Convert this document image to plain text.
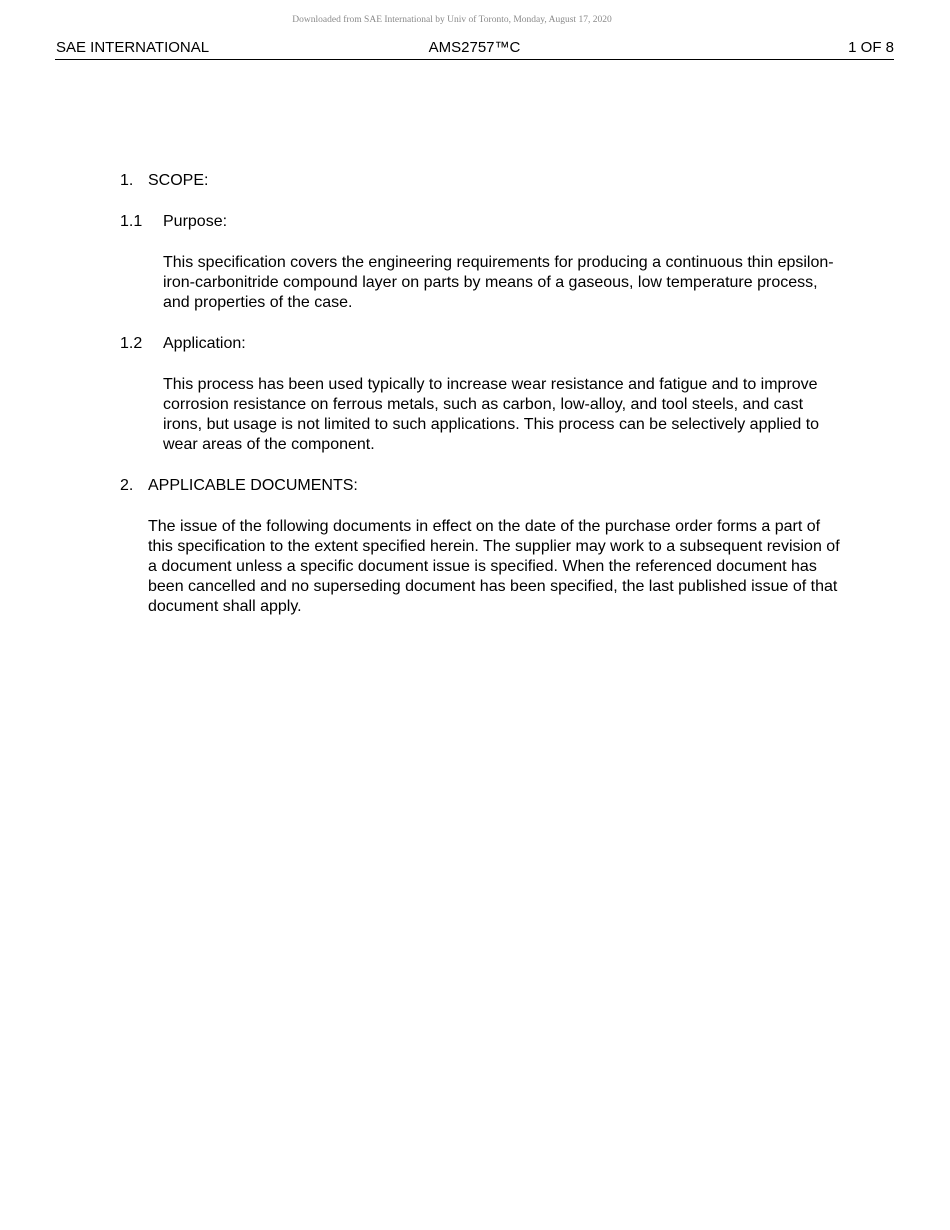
Downloaded from SAE International by Univ of Toronto, Monday, August 17, 2020
SAE INTERNATIONAL	AMS2757™C	1 OF 8
1. SCOPE:
1.1 Purpose:
This specification covers the engineering requirements for producing a continuous thin epsilon-
iron-carbonitride compound layer on parts by means of a gaseous, low temperature process,
and properties of the case.
1.2 Application:
This process has been used typically to increase wear resistance and fatigue and to improve
corrosion resistance on ferrous metals, such as carbon, low-alloy, and tool steels, and cast
irons, but usage is not limited to such applications. This process can be selectively applied to
wear areas of the component.
2. APPLICABLE DOCUMENTS:
The issue of the following documents in effect on the date of the purchase order forms a part of
this specification to the extent specified herein. The supplier may work to a subsequent revision of
a document unless a specific document issue is specified. When the referenced document has
been cancelled and no superseding document has been specified, the last published issue of that
document shall apply.
